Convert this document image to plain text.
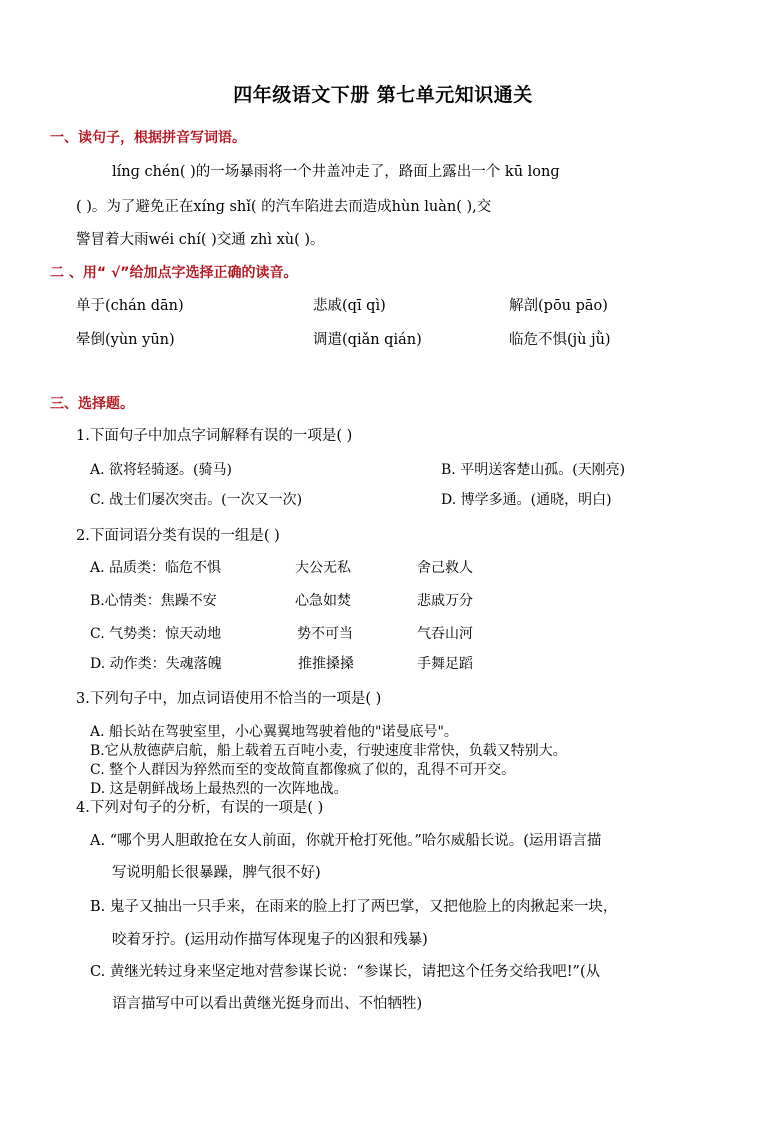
四年级语文下册 第七单元知识通关
一、读句子，根据拼音写词语。
línɡ chén( )的一场暴雨将一个井盖冲走了，路面上露出一个 kū lonɡ
( )。为了避免正在xínɡ shǐ( 的汽车陷进去而造成hùn luàn( ),交
警冒着大雨wéi chí( )交通 zhì xù( )。
二 、用“ √”给加点字选择正确的读音。
单于(chán dān)	悲戚(qī qì)	解剖(pōu pāo)
晕倒(yùn yūn)	调遣(qiǎn qián)	临危不惧(jù jǜ)
三、选择题。
1.下面句子中加点字词解释有误的一项是( )
A. 欲将轻骑逐。(骑马)	B. 平明送客楚山孤。(天刚亮)
C. 战士们屡次突击。(一次又一次)	D. 博学多通。(通晓，明白)
2.下面词语分类有误的一组是( )
A. 品质类：临危不惧	大公无私	舍己救人
B.心情类：焦躁不安	心急如焚	悲戚万分
C. 气势类：惊天动地	势不可当	气吞山河
D. 动作类：失魂落魄	推推搡搡	手舞足蹈
3.下列句子中，加点词语使用不恰当的一项是( )
A. 船长站在驾驶室里，小心翼翼地驾驶着他的"诺曼底号"。
B.它从敖德萨启航，船上载着五百吨小麦，行驶速度非常快，负载又特别大。
C. 整个人群因为猝然而至的变故简直都像疯了似的，乱得不可开交。
D. 这是朝鲜战场上最热烈的一次阵地战。
4.下列对句子的分析，有误的一项是( )
A. “哪个男人胆敢抢在女人前面，你就开枪打死他。”哈尔威船长说。(运用语言描
写说明船长很暴躁，脾气很不好)
B. 鬼子又抽出一只手来，在雨来的脸上打了两巴掌，又把他脸上的肉揪起来一块，
咬着牙拧。(运用动作描写体现鬼子的凶狠和残暴)
C. 黄继光转过身来坚定地对营参谋长说：“参谋长，请把这个任务交给我吧!”(从
语言描写中可以看出黄继光挺身而出、不怕牺牲)
